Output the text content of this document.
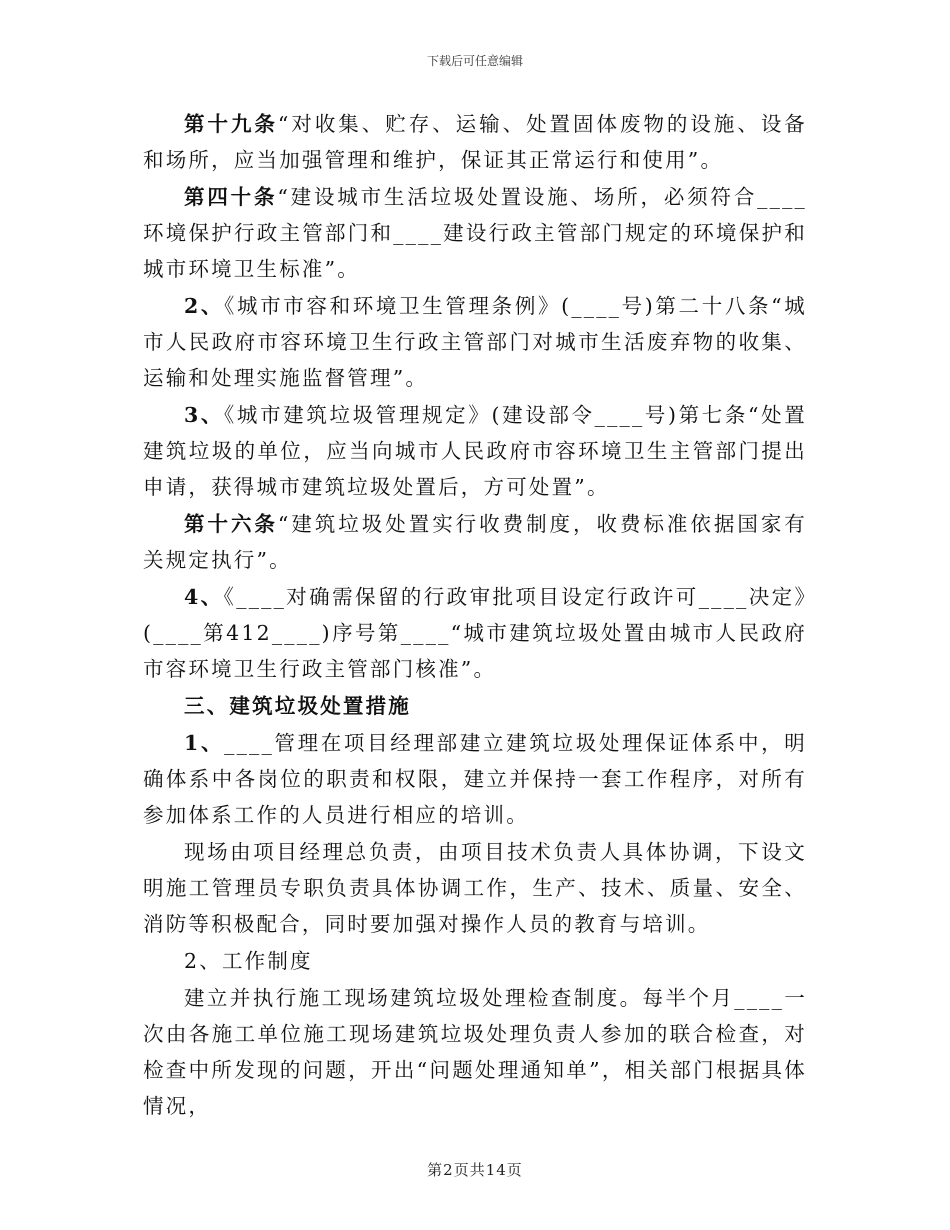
下载后可任意编辑

第十九条“对收集、贮存、运输、处置固体废物的设施、设备和场所，应当加强管理和维护，保证其正常运行和使用”。

第四十条“建设城市生活垃圾处置设施、场所，必须符合____环境保护行政主管部门和____建设行政主管部门规定的环境保护和城市环境卫生标准”。

2、《城市市容和环境卫生管理条例》(____号)第二十八条“城市人民政府市容环境卫生行政主管部门对城市生活废弃物的收集、运输和处理实施监督管理”。

3、《城市建筑垃圾管理规定》(建设部令____号)第七条“处置建筑垃圾的单位，应当向城市人民政府市容环境卫生主管部门提出申请，获得城市建筑垃圾处置后，方可处置”。

第十六条“建筑垃圾处置实行收费制度，收费标准依据国家有关规定执行”。

4、《____对确需保留的行政审批项目设定行政许可____决定》(____第412____)序号第____“城市建筑垃圾处置由城市人民政府市容环境卫生行政主管部门核准”。

三、建筑垃圾处置措施

1、____管理在项目经理部建立建筑垃圾处理保证体系中，明确体系中各岗位的职责和权限，建立并保持一套工作程序，对所有参加体系工作的人员进行相应的培训。

现场由项目经理总负责，由项目技术负责人具体协调，下设文明施工管理员专职负责具体协调工作，生产、技术、质量、安全、消防等积极配合，同时要加强对操作人员的教育与培训。

2、工作制度

建立并执行施工现场建筑垃圾处理检查制度。每半个月____一次由各施工单位施工现场建筑垃圾处理负责人参加的联合检查，对检查中所发现的问题，开出“问题处理通知单”，相关部门根据具体情况，

第2页共14页
